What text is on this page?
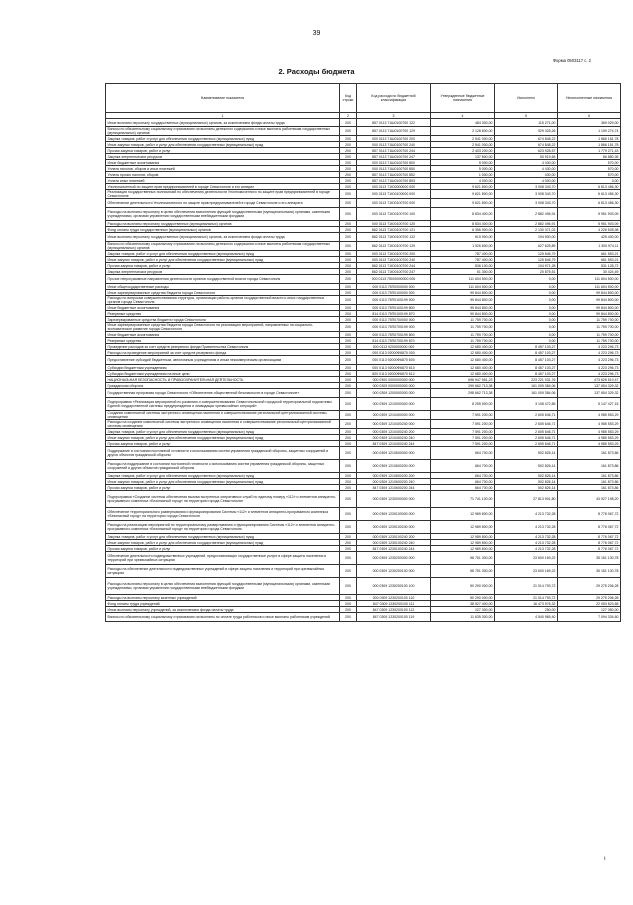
39
Форма 0503117 с. 2
2. Расходы бюджета
Наименование показателя	Код строки	Код расхода по бюджетной классификации	Утвержденные бюджетные назначения	Исполнено	Неисполненные назначения
1	2	3	4	5	6
Иные выплаты персоналу государственных (муниципальных) органов, за исключением фонда оплаты труда	200	857 0113 71Ш0100700 122	484 300,00	115 271,00	369 029,00
Взносы по обязательному социальному страхованию на выплаты денежного содержания и иные выплаты работникам государственных (муниципальных) органов	200	857 0113 71Ш0100700 129	2 128 600,00	929 325,26	1 199 274,74
Закупка товаров, работ и услуг для обеспечения государственных (муниципальных) нужд	200	000 0113 71Ш0100700 200	2 541 000,00	674 848,22	1 866 151,78
Иные закупки товаров, работ и услуг для обеспечения государственных (муниципальных) нужд	200	000 0113 71Ш0100700 240	2 541 000,00	674 848,22	1 866 151,78
Прочая закупка товаров, работ и услуг	200	857 0113 71Ш0100700 244	2 403 200,00	623 928,57	1 779 271,43
Закупка энергетических ресурсов	200	857 0113 71Ш0100700 247	137 800,00	50 919,65	86 880,35
Иные бюджетные ассигнования	200	000 0113 71Ш0100700 800	5 000,00	4 430,00	570,00
Уплата налогов, сборов и иных платежей	200	000 0113 71Ш0100700 850	5 000,00	4 430,00	570,00
Уплата прочих налогов, сборов	200	857 0113 71Ш0100700 852	1 000,00	430,00	570,00
Уплата иных платежей	200	857 0113 71Ш0100700 853	4 000,00	4 000,00	0,00
Уполномоченный по защите прав предпринимателей в городе Севастополе и его аппарат	200	000 0113 71Ю0000000 000	9 621 800,00	3 008 343,70	6 613 456,30
Реализация государственных полномочий по обеспечению деятельности Уполномоченного по защите прав предпринимателей в городе Севастополе	200	000 0113 71Ю0100000 000	9 621 800,00	3 008 343,70	6 613 456,30
Обеспечение деятельности Уполномоченного по защите прав предпринимателей в городе Севастополе и его аппарата	200	000 0113 71Ю0100700 000	9 621 800,00	3 008 343,70	6 613 456,30
Расходы на выплаты персоналу в целях обеспечения выполнения функций государственными (муниципальными) органами, казенными учреждениями, органами управления государственными внебюджетными фондами	200	000 0113 71Ю0100700 100	8 834 400,00	2 882 496,91	5 951 903,09
Расходы на выплаты персоналу государственных (муниципальных) органов	200	000 0113 71Ю0100700 120	8 834 400,00	2 882 496,91	5 951 903,09
Фонд оплаты труда государственных (муниципальных) органов	200	862 0113 71Ю0100700 121	6 356 900,00	2 130 371,02	4 226 528,98
Иные выплаты персоналу государственных (муниципальных) органов, за исключением фонда оплаты труда	200	862 0113 71Ю0100700 122	619 900,00	194 500,00	425 400,00
Взносы по обязательному социальному страхованию на выплаты денежного содержания и иные выплаты работникам государственных (муниципальных) органов	200	862 0113 71Ю0100700 129	1 926 600,00	627 625,89	1 300 974,11
Закупка товаров, работ и услуг для обеспечения государственных (муниципальных) нужд	200	000 0113 71Ю0100700 200	787 400,00	125 846,79	661 553,21
Иные закупки товаров, работ и услуг для обеспечения государственных (муниципальных) нужд	200	000 0113 71Ю0100700 240	787 400,00	125 846,79	661 553,21
Прочая закупка товаров, работ и услуг	200	862 0113 71Ю0100700 244	836 100,00	104 971,28	531 128,72
Закупка энергетических ресурсов	200	862 0113 71Ю0100700 247	51 300,00	20 875,51	30 424,49
Прочие непрограммные направления деятельности органов государственной власти города Севастополя	200	000 0113 75000000000 000	111 604 500,00	0,00	111 604 500,00
Иные общегосударственные расходы	200	000 0113 75П0000000 000	111 604 500,00	0,00	111 604 500,00
Иные зарезервированные средства бюджета города Севастополя	200	000 0113 75П0100000 000	99 844 800,00	0,00	99 844 800,00
Расходы по вопросам совершенствования структуры, организации работы органов государственной власти и иных государственных органов города Севастополя	200	000 0113 75П0100199 000	99 844 800,00	0,00	99 844 800,00
Иные бюджетные ассигнования	200	000 0113 75П0100199 800	99 844 800,00	0,00	99 844 800,00
Резервные средства	200	814 0113 75П0100199 870	99 844 800,00	0,00	99 844 800,00
Зарезервированные средства бюджета города Севастополя	200	000 0113 75П0700000 000	11 759 700,00	0,00	11 759 700,00
Иные зарезервированные средства бюджета города Севастополя на реализацию мероприятий, направленных на социально-экономическое развитие города Севастополя	200	000 0113 75П0700199 000	11 759 700,00	0,00	11 759 700,00
Иные бюджетные ассигнования	200	000 0113 75П0700199 800	11 759 700,00	0,00	11 759 700,00
Резервные средства	200	814 0113 75П0700199 870	11 759 700,00	0,00	11 759 700,00
Проведение расходов за счет средств резервного фонда Правительства Севастополя	200	000 0113 9200000000 000	12 680 400,00	8 457 103,27	4 223 296,73
Расходы на проведение мероприятий за счет средств резервного фонда	200	000 0113 92000Ф6870 000	12 680 400,00	8 457 103,27	4 223 296,73
Предоставление субсидий бюджетным, автономным учреждениям и иным некоммерческим организациям	200	000 0113 92000Ф6870 600	12 680 400,00	8 457 103,27	4 223 296,73
Субсидии бюджетным учреждениям	200	000 0113 92000Ф6870 610	12 680 400,00	8 457 103,27	4 223 296,73
Субсидии бюджетным учреждениям на иные цели	200	820 0113 92000Ф6870 612	12 680 400,00	8 457 103,27	4 223 296,73
НАЦИОНАЛЬНАЯ БЕЗОПАСНОСТЬ И ПРАВООХРАНИТЕЛЬНАЯ ДЕЯТЕЛЬНОСТЬ	200	000 0300 0000000000 000	696 947 551,23	223 221 031,76	473 626 519,47
Гражданская оборона	200	000 0309 0000000000 000	299 662 713,38	161 009 384,06	137 654 329,32
Государственная программа города Севастополя «Обеспечение общественной безопасности в городе Севастополе»	200	000 0309 1200000000 000	298 662 713,38	161 009 384,06	137 654 329,32
Подпрограмма «Реализация мероприятий по развитию и совершенствованию Севастопольской городской территориальной подсистемы Единой государственной системы предупреждения и ликвидации чрезвычайных ситуаций»	200	000 0309 1210000000 000	8 255 900,00	3 108 472,85	5 147 427,15
Создание комплексной системы экстренного оповещения населения и совершенствование региональной централизованной системы оповещения	200	000 0309 1210400000 000	7 591 200,00	2 605 646,71	4 985 553,29
Расходы на создание комплексной системы экстренного оповещения населения и совершенствование региональной централизованной системы оповещения	200	000 0309 1210400240 000	7 591 200,00	2 605 646,71	4 985 553,29
Закупка товаров, работ и услуг для обеспечения государственных (муниципальных) нужд	200	000 0309 1210400240 200	7 591 200,00	2 605 646,71	4 985 553,29
Иные закупки товаров, работ и услуг для обеспечения государственных (муниципальных) нужд	200	000 0309 1210400240 240	7 591 200,00	2 605 646,71	4 985 553,29
Прочая закупка товаров, работ и услуг	200	847 0309 1210400240 244	7 591 200,00	2 605 646,71	4 985 553,29
Поддержание в состоянии постоянной готовности к использованию систем управления гражданской обороны, защитных сооружений и других объектов гражданской обороны	200	000 0309 1210600000 000	664 700,00	502 826,14	161 873,86
Расходы на поддержание в состоянии постоянной готовности к использованию систем управления гражданской обороны, защитных сооружений и других объектов гражданской обороны	200	000 0309 1210600200 000	664 700,00	502 826,14	161 873,86
Закупка товаров, работ и услуг для обеспечения государственных (муниципальных) нужд	200	000 0309 1210600200 200	664 700,00	502 826,14	161 873,86
Иные закупки товаров, работ и услуг для обеспечения государственных (муниципальных) нужд	200	000 0309 1210600200 240	664 700,00	502 826,14	161 873,86
Прочая закупка товаров, работ и услуг	200	847 0309 1210600200 244	664 700,00	502 826,14	161 873,86
Подпрограмма «Создание системы обеспечения вызова экстренных оперативных служб по единому номеру «112» и элементов аппаратно-программного комплекса «Безопасный город» на территории города Севастополя»	200	000 0309 1230000000 000	71 741 100,00	27 813 901,80	43 927 198,20
Обеспечение территориального развертывания и функционирования Системы «112» и элементов аппаратно-программного комплекса «Безопасный город» на территории города Севастополя	200	000 0309 1230100000 000	12 989 800,00	4 213 732,28	8 776 067,72
Расходы на реализацию мероприятий по территориальному развертыванию и функционированию Системы «112» и элементов аппаратно-программного комплекса «Безопасный город» на территории города Севастополя	200	000 0309 1230100240 000	12 989 800,00	4 213 732,28	8 776 067,72
Закупка товаров, работ и услуг для обеспечения государственных (муниципальных) нужд	200	000 0309 1230100240 200	12 989 800,00	4 213 732,28	8 776 067,72
Иные закупки товаров, работ и услуг для обеспечения государственных (муниципальных) нужд	200	000 0309 1230100240 240	12 989 800,00	4 213 732,28	8 776 067,72
Прочая закупка товаров, работ и услуг	200	847 0309 1230100240 244	12 989 800,00	4 213 732,28	8 776 067,72
Обеспечение деятельности подведомственных учреждений, предоставляющих государственные услуги в сфере защиты населения и территорий при чрезвычайных ситуациях	200	000 0309 1230200000 000	58 751 300,00	23 600 169,22	35 151 130,78
Расходы на обеспечение деятельности подведомственных учреждений в сфере защиты населения и территорий при чрезвычайных ситуациях	200	000 0309 1230200100 000	58 751 300,00	23 600 169,22	35 151 130,78
Расходы на выплаты персоналу в целях обеспечения выполнения функций государственными (муниципальными) органами, казенными учреждениями, органами управления государственными внебюджетными фондами	200	000 0309 1230200100 100	50 290 000,00	21 014 793,72	29 275 206,28
Расходы на выплаты персоналу казенных учреждений	200	000 0309 1230200100 110	50 290 000,00	21 014 793,72	29 275 206,28
Фонд оплаты труда учреждений	200	847 0309 1230200100 111	38 527 400,00	16 473 576,32	22 053 823,68
Иные выплаты персоналу учреждений, за исключением фонда оплаты труда	200	847 0309 1230200100 112	127 300,00	250,00	127 050,00
Взносы по обязательному социальному страхованию на выплаты по оплате труда работников и иные выплаты работникам учреждений	200	847 0309 1230200100 119	11 635 300,00	4 540 965,40	7 094 334,60
ı
